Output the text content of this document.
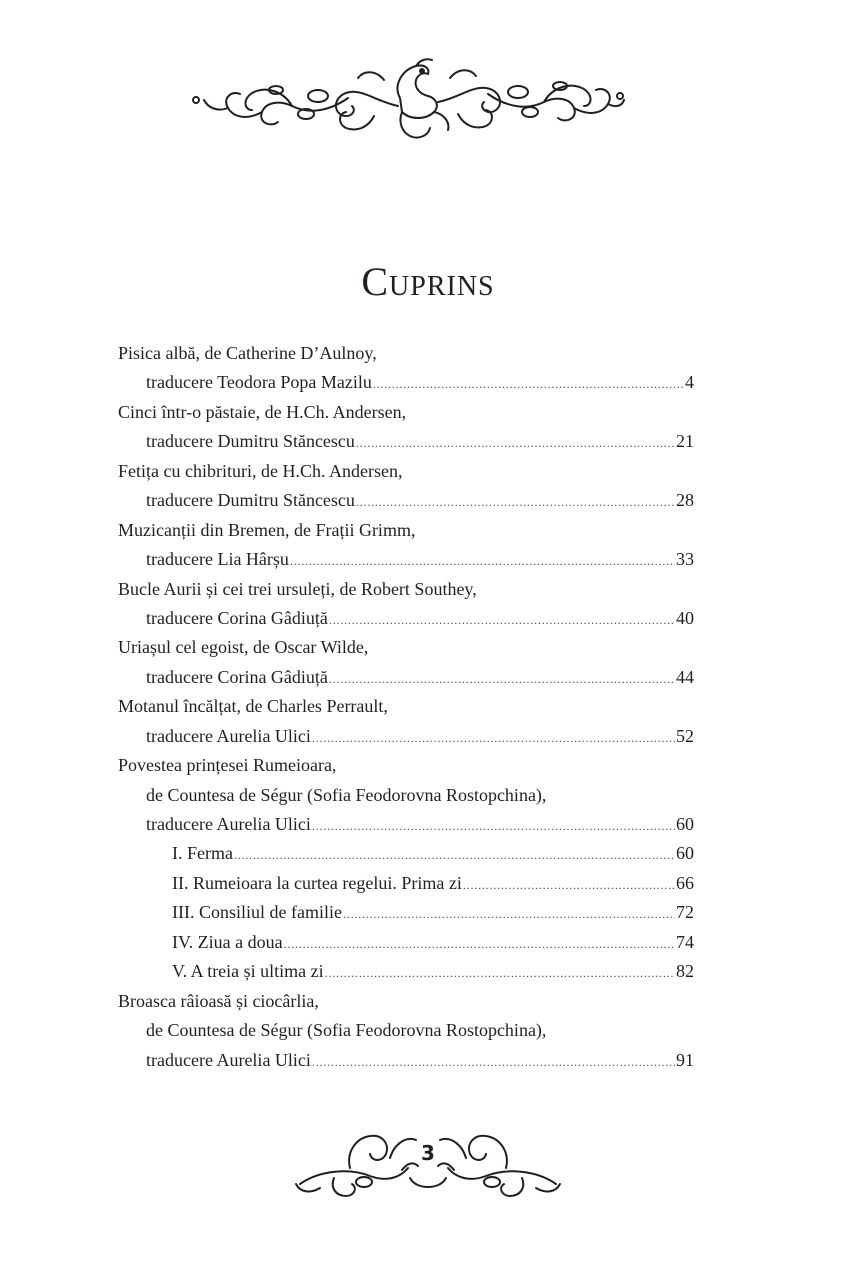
Cuprins
Pisica albă, de Catherine D’Aulnoy,
traducere Teodora Popa Mazilu .....	4
Cinci într-o păstaie, de H.Ch. Andersen,
traducere Dumitru Stăncescu .....	21
Fetița cu chibrituri, de H.Ch. Andersen,
traducere Dumitru Stăncescu .....	28
Muzicanții din Bremen, de Frații Grimm,
traducere Lia Hârșu .....	33
Bucle Aurii și cei trei ursuleți, de Robert Southey,
traducere Corina Gâdiuță .....	40
Uriașul cel egoist, de Oscar Wilde,
traducere Corina Gâdiuță .....	44
Motanul încălțat, de Charles Perrault,
traducere Aurelia Ulici .....	52
Povestea prințesei Rumeioara,
de Countesa de Ségur (Sofia Feodorovna Rostopchina),
traducere Aurelia Ulici .....	60
I. Ferma .....	60
II. Rumeioara la curtea regelui. Prima zi .....	66
III. Consiliul de familie .....	72
IV. Ziua a doua .....	74
V. A treia și ultima zi .....	82
Broasca râioasă și ciocârlia,
de Countesa de Ségur (Sofia Feodorovna Rostopchina),
traducere Aurelia Ulici .....	91
3
